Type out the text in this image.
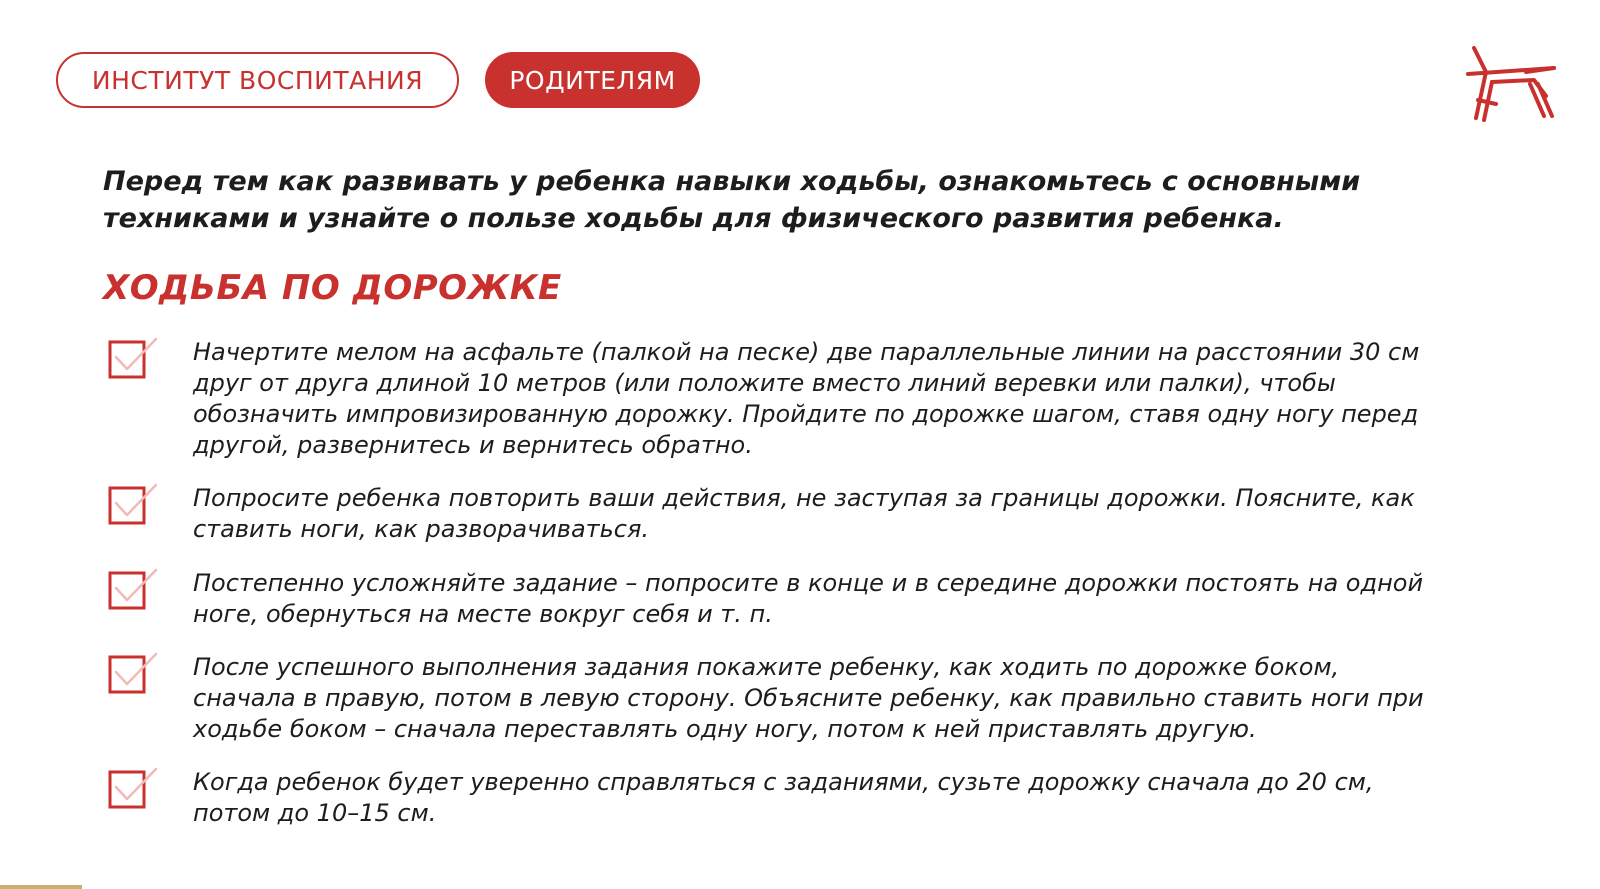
ИНСТИТУТ ВОСПИТАНИЯ	РОДИТЕЛЯМ

Перед тем как развивать у ребенка навыки ходьбы, ознакомьтесь с основными техниками и узнайте о пользе ходьбы для физического развития ребенка.

ХОДЬБА ПО ДОРОЖКЕ

Начертите мелом на асфальте (палкой на песке) две параллельные линии на расстоянии 30 см друг от друга длиной 10 метров (или положите вместо линий веревки или палки), чтобы обозначить импровизированную дорожку. Пройдите по дорожке шагом, ставя одну ногу перед другой, развернитесь и вернитесь обратно.

Попросите ребенка повторить ваши действия, не заступая за границы дорожки. Поясните, как ставить ноги, как разворачиваться.

Постепенно усложняйте задание – попросите в конце и в середине дорожки постоять на одной ноге, обернуться на месте вокруг себя и т. п.

После успешного выполнения задания покажите ребенку, как ходить по дорожке боком, сначала в правую, потом в левую сторону. Объясните ребенку, как правильно ставить ноги при ходьбе боком – сначала переставлять одну ногу, потом к ней приставлять другую.

Когда ребенок будет уверенно справляться с заданиями, сузьте дорожку сначала до 20 см, потом до 10–15 см.
